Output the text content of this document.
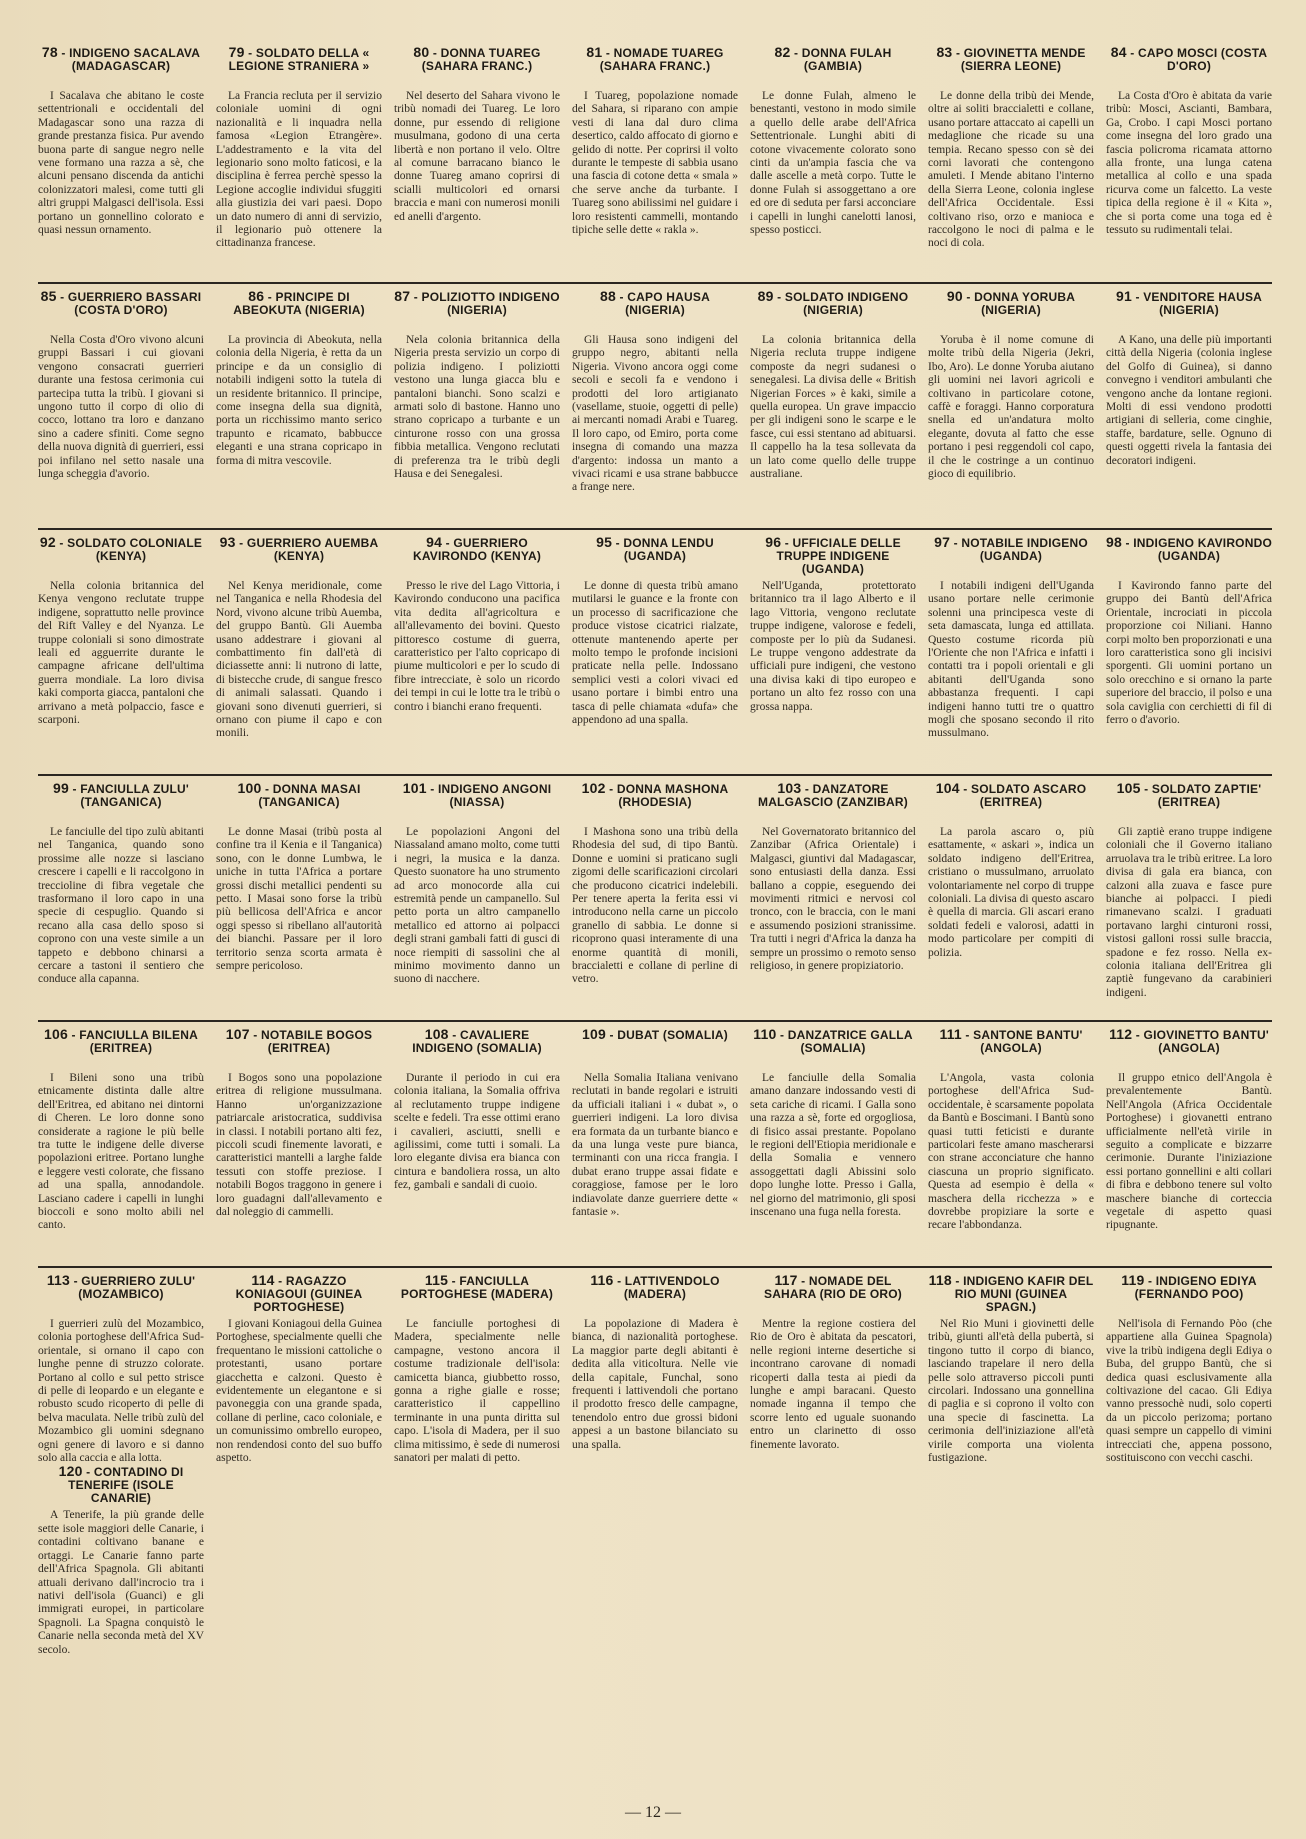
78 - INDIGENO SACALAVA (MADAGASCAR)
I Sacalava che abitano le coste settentrionali e occidentali del Madagascar sono una razza di grande prestanza fisica. Pur avendo buona parte di sangue negro nelle vene formano una razza a sè, che alcuni pensano discenda da antichi colonizzatori malesi, come tutti gli altri gruppi Malgasci dell'isola. Essi portano un gonnellino colorato e quasi nessun ornamento.
79 - SOLDATO DELLA « LEGIONE STRANIERA »
La Francia recluta per il servizio coloniale uomini di ogni nazionalità e li inquadra nella famosa «Legion Etrangère». L'addestramento e la vita del legionario sono molto faticosi, e la disciplina è ferrea perchè spesso la Legione accoglie individui sfuggiti alla giustizia dei vari paesi. Dopo un dato numero di anni di servizio, il legionario può ottenere la cittadinanza francese.
80 - DONNA TUAREG (SAHARA FRANC.)
Nel deserto del Sahara vivono le tribù nomadi dei Tuareg. Le loro donne, pur essendo di religione musulmana, godono di una certa libertà e non portano il velo. Oltre al comune barracano bianco le donne Tuareg amano coprirsi di scialli multicolori ed ornarsi braccia e mani con numerosi monili ed anelli d'argento.
81 - NOMADE TUAREG (SAHARA FRANC.)
I Tuareg, popolazione nomade del Sahara, si riparano con ampie vesti di lana dal duro clima desertico, caldo affocato di giorno e gelido di notte. Per coprirsi il volto durante le tempeste di sabbia usano una fascia di cotone detta « smala » che serve anche da turbante. I Tuareg sono abilissimi nel guidare i loro resistenti cammelli, montando tipiche selle dette « rakla ».
82 - DONNA FULAH (GAMBIA)
Le donne Fulah, almeno le benestanti, vestono in modo simile a quello delle arabe dell'Africa Settentrionale. Lunghi abiti di cotone vivacemente colorato sono cinti da un'ampia fascia che va dalle ascelle a metà corpo. Tutte le donne Fulah si assoggettano a ore ed ore di seduta per farsi acconciare i capelli in lunghi canelotti lanosi, spesso posticci.
83 - GIOVINETTA MENDE (SIERRA LEONE)
Le donne della tribù dei Mende, oltre ai soliti braccialetti e collane, usano portare attaccato ai capelli un medaglione che ricade su una tempia. Recano spesso con sè dei corni lavorati che contengono amuleti. I Mende abitano l'interno della Sierra Leone, colonia inglese dell'Africa Occidentale. Essi coltivano riso, orzo e manioca e raccolgono le noci di palma e le noci di cola.
84 - CAPO MOSCI (COSTA D'ORO)
La Costa d'Oro è abitata da varie tribù: Mosci, Ascianti, Bambara, Ga, Crobo. I capi Mosci portano come insegna del loro grado una fascia policroma ricamata attorno alla fronte, una lunga catena metallica al collo e una spada ricurva come un falcetto. La veste tipica della regione è il « Kita », che si porta come una toga ed è tessuto su rudimentali telai.
85 - GUERRIERO BASSARI (COSTA D'ORO)
Nella Costa d'Oro vivono alcuni gruppi Bassari i cui giovani vengono consacrati guerrieri durante una festosa cerimonia cui partecipa tutta la tribù. I giovani si ungono tutto il corpo di olio di cocco, lottano tra loro e danzano sino a cadere sfiniti. Come segno della nuova dignità di guerrieri, essi poi infilano nel setto nasale una lunga scheggia d'avorio.
86 - PRINCIPE DI ABEOKUTA (NIGERIA)
La provincia di Abeokuta, nella colonia della Nigeria, è retta da un principe e da un consiglio di notabili indigeni sotto la tutela di un residente britannico. Il principe, come insegna della sua dignità, porta un ricchissimo manto serico trapunto e ricamato, babbucce eleganti e una strana copricapo in forma di mitra vescovile.
87 - POLIZIOTTO INDIGENO (NIGERIA)
Nela colonia britannica della Nigeria presta servizio un corpo di polizia indigeno. I poliziotti vestono una lunga giacca blu e pantaloni bianchi. Sono scalzi e armati solo di bastone. Hanno uno strano copricapo a turbante e un cinturone rosso con una grossa fibbia metallica. Vengono reclutati di preferenza tra le tribù degli Hausa e dei Senegalesi.
88 - CAPO HAUSA (NIGERIA)
Gli Hausa sono indigeni del gruppo negro, abitanti nella Nigeria. Vivono ancora oggi come secoli e secoli fa e vendono i prodotti del loro artigianato (vasellame, stuoie, oggetti di pelle) ai mercanti nomadi Arabi e Tuareg. Il loro capo, od Emiro, porta come insegna di comando una mazza d'argento: indossa un manto a vivaci ricami e usa strane babbucce a frange nere.
89 - SOLDATO INDIGENO (NIGERIA)
La colonia britannica della Nigeria recluta truppe indigene composte da negri sudanesi o senegalesi. La divisa delle « British Nigerian Forces » è kaki, simile a quella europea. Un grave impaccio per gli indigeni sono le scarpe e le fasce, cui essi stentano ad abituarsi. Il cappello ha la tesa sollevata da un lato come quello delle truppe australiane.
90 - DONNA YORUBA (NIGERIA)
Yoruba è il nome comune di molte tribù della Nigeria (Jekri, Ibo, Aro). Le donne Yoruba aiutano gli uomini nei lavori agricoli e coltivano in particolare cotone, caffè e foraggi. Hanno corporatura snella ed un'andatura molto elegante, dovuta al fatto che esse portano i pesi reggendoli col capo, il che le costringe a un continuo gioco di equilibrio.
91 - VENDITORE HAUSA (NIGERIA)
A Kano, una delle più importanti città della Nigeria (colonia inglese del Golfo di Guinea), si danno convegno i venditori ambulanti che vengono anche da lontane regioni. Molti di essi vendono prodotti artigiani di selleria, come cinghie, staffe, bardature, selle. Ognuno di questi oggetti rivela la fantasia dei decoratori indigeni.
92 - SOLDATO COLONIALE (KENYA)
Nella colonia britannica del Kenya vengono reclutate truppe indigene, soprattutto nelle province del Rift Valley e del Nyanza. Le truppe coloniali si sono dimostrate leali ed agguerrite durante le campagne africane dell'ultima guerra mondiale. La loro divisa kaki comporta giacca, pantaloni che arrivano a metà polpaccio, fasce e scarponi.
93 - GUERRIERO AUEMBA (KENYA)
Nel Kenya meridionale, come nel Tanganica e nella Rhodesia del Nord, vivono alcune tribù Auemba, del gruppo Bantù. Gli Auemba usano addestrare i giovani al combattimento fin dall'età di diciassette anni: li nutrono di latte, di bistecche crude, di sangue fresco di animali salassati. Quando i giovani sono divenuti guerrieri, si ornano con piume il capo e con monili.
94 - GUERRIERO KAVIRONDO (KENYA)
Presso le rive del Lago Vittoria, i Kavirondo conducono una pacifica vita dedita all'agricoltura e all'allevamento dei bovini. Questo pittoresco costume di guerra, caratteristico per l'alto copricapo di piume multicolori e per lo scudo di fibre intrecciate, è solo un ricordo dei tempi in cui le lotte tra le tribù o contro i bianchi erano frequenti.
95 - DONNA LENDU (UGANDA)
Le donne di questa tribù amano mutilarsi le guance e la fronte con un processo di sacrificazione che produce vistose cicatrici rialzate, ottenute mantenendo aperte per molto tempo le profonde incisioni praticate nella pelle. Indossano semplici vesti a colori vivaci ed usano portare i bimbi entro una tasca di pelle chiamata «dufa» che appendono ad una spalla.
96 - UFFICIALE DELLE TRUPPE INDIGENE (UGANDA)
Nell'Uganda, protettorato britannico tra il lago Alberto e il lago Vittoria, vengono reclutate truppe indigene, valorose e fedeli, composte per lo più da Sudanesi. Le truppe vengono addestrate da ufficiali pure indigeni, che vestono una divisa kaki di tipo europeo e portano un alto fez rosso con una grossa nappa.
97 - NOTABILE INDIGENO (UGANDA)
I notabili indigeni dell'Uganda usano portare nelle cerimonie solenni una principesca veste di seta damascata, lunga ed attillata. Questo costume ricorda più l'Oriente che non l'Africa e infatti i contatti tra i popoli orientali e gli abitanti dell'Uganda sono abbastanza frequenti. I capi indigeni hanno tutti tre o quattro mogli che sposano secondo il rito mussulmano.
98 - INDIGENO KAVIRONDO (UGANDA)
I Kavirondo fanno parte del gruppo dei Bantù dell'Africa Orientale, incrociati in piccola proporzione coi Niliani. Hanno corpi molto ben proporzionati e una loro caratteristica sono gli incisivi sporgenti. Gli uomini portano un solo orecchino e si ornano la parte superiore del braccio, il polso e una sola caviglia con cerchietti di fil di ferro o d'avorio.
99 - FANCIULLA ZULU' (TANGANICA)
Le fanciulle del tipo zulù abitanti nel Tanganica, quando sono prossime alle nozze si lasciano crescere i capelli e li raccolgono in treccioline di fibra vegetale che trasformano il loro capo in una specie di cespuglio. Quando si recano alla casa dello sposo si coprono con una veste simile a un tappeto e debbono chinarsi a cercare a tastoni il sentiero che conduce alla capanna.
100 - DONNA MASAI (TANGANICA)
Le donne Masai (tribù posta al confine tra il Kenia e il Tanganica) sono, con le donne Lumbwa, le uniche in tutta l'Africa a portare grossi dischi metallici pendenti su petto. I Masai sono forse la tribù più bellicosa dell'Africa e ancor oggi spesso si ribellano all'autorità dei bianchi. Passare per il loro territorio senza scorta armata è sempre pericoloso.
101 - INDIGENO ANGONI (NIASSA)
Le popolazioni Angoni del Niassaland amano molto, come tutti i negri, la musica e la danza. Questo suonatore ha uno strumento ad arco monocorde alla cui estremità pende un campanello. Sul petto porta un altro campanello metallico ed attorno ai polpacci degli strani gambali fatti di gusci di noce riempiti di sassolini che al minimo movimento danno un suono di nacchere.
102 - DONNA MASHONA (RHODESIA)
I Mashona sono una tribù della Rhodesia del sud, di tipo Bantù. Donne e uomini si praticano sugli zigomi delle scarificazioni circolari che producono cicatrici indelebili. Per tenere aperta la ferita essi vi introducono nella carne un piccolo granello di sabbia. Le donne si ricoprono quasi interamente di una enorme quantità di monili, braccialetti e collane di perline di vetro.
103 - DANZATORE MALGASCIO (ZANZIBAR)
Nel Governatorato britannico del Zanzibar (Africa Orientale) i Malgasci, giuntivi dal Madagascar, sono entusiasti della danza. Essi ballano a coppie, eseguendo dei movimenti ritmici e nervosi col tronco, con le braccia, con le mani e assumendo posizioni stranissime. Tra tutti i negri d'Africa la danza ha sempre un prossimo o remoto senso religioso, in genere propiziatorio.
104 - SOLDATO ASCARO (ERITREA)
La parola ascaro o, più esattamente, « askari », indica un soldato indigeno dell'Eritrea, cristiano o mussulmano, arruolato volontariamente nel corpo di truppe coloniali. La divisa di questo ascaro è quella di marcia. Gli ascari erano soldati fedeli e valorosi, adatti in modo particolare per compiti di polizia.
105 - SOLDATO ZAPTIE' (ERITREA)
Gli zaptiè erano truppe indigene coloniali che il Governo italiano arruolava tra le tribù eritree. La loro divisa di gala era bianca, con calzoni alla zuava e fasce pure bianche ai polpacci. I piedi rimanevano scalzi. I graduati portavano larghi cinturoni rossi, vistosi galloni rossi sulle braccia, spadone e fez rosso. Nella ex-colonia italiana dell'Eritrea gli zaptiè fungevano da carabinieri indigeni.
106 - FANCIULLA BILENA (ERITREA)
I Bileni sono una tribù etnicamente distinta dalle altre dell'Eritrea, ed abitano nei dintorni di Cheren. Le loro donne sono considerate a ragione le più belle tra tutte le indigene delle diverse popolazioni eritree. Portano lunghe e leggere vesti colorate, che fissano ad una spalla, annodandole. Lasciano cadere i capelli in lunghi bioccoli e sono molto abili nel canto.
107 - NOTABILE BOGOS (ERITREA)
I Bogos sono una popolazione eritrea di religione mussulmana. Hanno un'organizzazione patriarcale aristocratica, suddivisa in classi. I notabili portano alti fez, piccoli scudi finemente lavorati, e caratteristici mantelli a larghe falde tessuti con stoffe preziose. I notabili Bogos traggono in genere i loro guadagni dall'allevamento e dal noleggio di cammelli.
108 - CAVALIERE INDIGENO (SOMALIA)
Durante il periodo in cui era colonia italiana, la Somalia offriva al reclutamento truppe indigene scelte e fedeli. Tra esse ottimi erano i cavalieri, asciutti, snelli e agilissimi, come tutti i somali. La loro elegante divisa era bianca con cintura e bandoliera rossa, un alto fez, gambali e sandali di cuoio.
109 - DUBAT (SOMALIA)
Nella Somalia Italiana venivano reclutati in bande regolari e istruiti da ufficiali italiani i « dubat », o guerrieri indigeni. La loro divisa era formata da un turbante bianco e da una lunga veste pure bianca, terminanti con una ricca frangia. I dubat erano truppe assai fidate e coraggiose, famose per le loro indiavolate danze guerriere dette « fantasie ».
110 - DANZATRICE GALLA (SOMALIA)
Le fanciulle della Somalia amano danzare indossando vesti di seta cariche di ricami. I Galla sono una razza a sè, forte ed orgogliosa, di fisico assai prestante. Popolano le regioni dell'Etiopia meridionale e della Somalia e vennero assoggettati dagli Abissini solo dopo lunghe lotte. Presso i Galla, nel giorno del matrimonio, gli sposi inscenano una fuga nella foresta.
111 - SANTONE BANTU' (ANGOLA)
L'Angola, vasta colonia portoghese dell'Africa Sud-occidentale, è scarsamente popolata da Bantù e Boscimani. I Bantù sono quasi tutti feticisti e durante particolari feste amano mascherarsi con strane acconciature che hanno ciascuna un proprio significato. Questa ad esempio è della « maschera della ricchezza » e dovrebbe propiziare la sorte e recare l'abbondanza.
112 - GIOVINETTO BANTU' (ANGOLA)
Il gruppo etnico dell'Angola è prevalentemente Bantù. Nell'Angola (Africa Occidentale Portoghese) i giovanetti entrano ufficialmente nell'età virile in seguito a complicate e bizzarre cerimonie. Durante l'iniziazione essi portano gonnellini e alti collari di fibra e debbono tenere sul volto maschere bianche di corteccia vegetale di aspetto quasi ripugnante.
113 - GUERRIERO ZULU' (MOZAMBICO)
I guerrieri zulù del Mozambico, colonia portoghese dell'Africa Sud-orientale, si ornano il capo con lunghe penne di struzzo colorate. Portano al collo e sul petto strisce di pelle di leopardo e un elegante e robusto scudo ricoperto di pelle di belva maculata. Nelle tribù zulù del Mozambico gli uomini sdegnano ogni genere di lavoro e si danno solo alla caccia e alla lotta.
114 - RAGAZZO KONIAGOUI (GUINEA PORTOGHESE)
I giovani Koniagoui della Guinea Portoghese, specialmente quelli che frequentano le missioni cattoliche o protestanti, usano portare giacchetta e calzoni. Questo è evidentemente un elegantone e si pavoneggia con una grande spada, collane di perline, caco coloniale, e un comunissimo ombrello europeo, non rendendosi conto del suo buffo aspetto.
115 - FANCIULLA PORTOGHESE (MADERA)
Le fanciulle portoghesi di Madera, specialmente nelle campagne, vestono ancora il costume tradizionale dell'isola: camicetta bianca, giubbetto rosso, gonna a righe gialle e rosse; caratteristico il cappellino terminante in una punta diritta sul capo. L'isola di Madera, per il suo clima mitissimo, è sede di numerosi sanatori per malati di petto.
116 - LATTIVENDOLO (MADERA)
La popolazione di Madera è bianca, di nazionalità portoghese. La maggior parte degli abitanti è dedita alla viticoltura. Nelle vie della capitale, Funchal, sono frequenti i lattivendoli che portano il prodotto fresco delle campagne, tenendolo entro due grossi bidoni appesi a un bastone bilanciato su una spalla.
117 - NOMADE DEL SAHARA (RIO DE ORO)
Mentre la regione costiera del Rio de Oro è abitata da pescatori, nelle regioni interne desertiche si incontrano carovane di nomadi ricoperti dalla testa ai piedi da lunghe e ampi baracani. Questo nomade inganna il tempo che scorre lento ed uguale suonando entro un clarinetto di osso finemente lavorato.
118 - INDIGENO KAFIR DEL RIO MUNI (GUINEA SPAGN.)
Nel Rio Muni i giovinetti delle tribù, giunti all'età della pubertà, si tingono tutto il corpo di bianco, lasciando trapelare il nero della pelle solo attraverso piccoli punti circolari. Indossano una gonnellina di paglia e si coprono il volto con una specie di fascinetta. La cerimonia dell'iniziazione all'età virile comporta una violenta fustigazione.
119 - INDIGENO EDIYA (FERNANDO POO)
Nell'isola di Fernando Pòo (che appartiene alla Guinea Spagnola) vive la tribù indigena degli Ediya o Buba, del gruppo Bantù, che si dedica quasi esclusivamente alla coltivazione del cacao. Gli Ediya vanno pressochè nudi, solo coperti da un piccolo perizoma; portano quasi sempre un cappello di vimini intrecciati che, appena possono, sostituiscono con vecchi caschi.
120 - CONTADINO DI TENERIFE (ISOLE CANARIE)
A Tenerife, la più grande delle sette isole maggiori delle Canarie, i contadini coltivano banane e ortaggi. Le Canarie fanno parte dell'Africa Spagnola. Gli abitanti attuali derivano dall'incrocio tra i nativi dell'isola (Guanci) e gli immigrati europei, in particolare Spagnoli. La Spagna conquistò le Canarie nella seconda metà del XV secolo.
— 12 —
